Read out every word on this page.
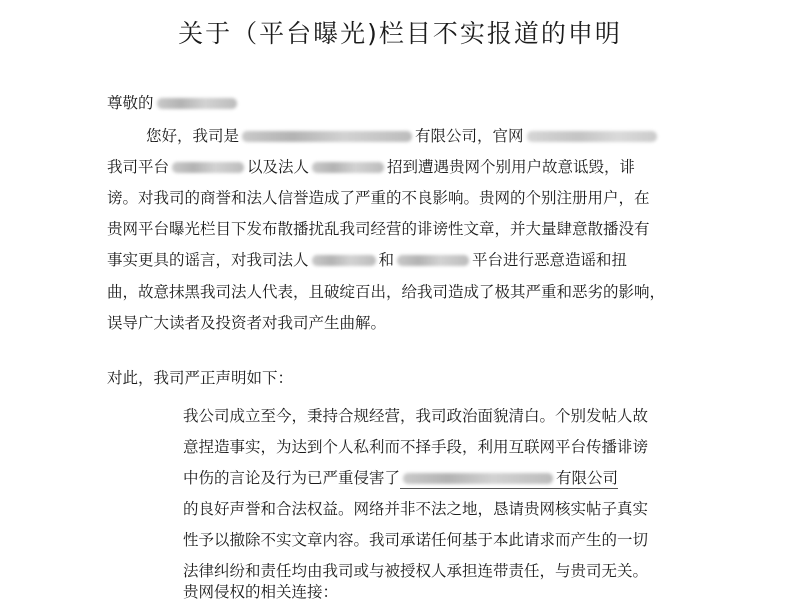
关于（平台曝光)栏目不实报道的申明
尊敬的
您好，我司是	有限公司，官网
我司平台	以及法人	招到遭遇贵网个别用户故意诋毁，诽
谤。对我司的商誉和法人信誉造成了严重的不良影响。贵网的个别注册用户，在
贵网平台曝光栏目下发布散播扰乱我司经营的诽谤性文章，并大量肆意散播没有
事实更具的谣言，对我司法人	和	平台进行恶意造谣和扭
曲，故意抹黑我司法人代表，且破绽百出，给我司造成了极其严重和恶劣的影响，
误导广大读者及投资者对我司产生曲解。
对此，我司严正声明如下：
我公司成立至今，秉持合规经营，我司政治面貌清白。个别发帖人故
意捏造事实，为达到个人私利而不择手段，利用互联网平台传播诽谤
中伤的言论及行为已严重侵害了	有限公司
的良好声誉和合法权益。网络并非不法之地，恳请贵网核实帖子真实
性予以撤除不实文章内容。我司承诺任何基于本此请求而产生的一切
法律纠纷和责任均由我司或与被授权人承担连带责任，与贵司无关。
贵网侵权的相关连接：
